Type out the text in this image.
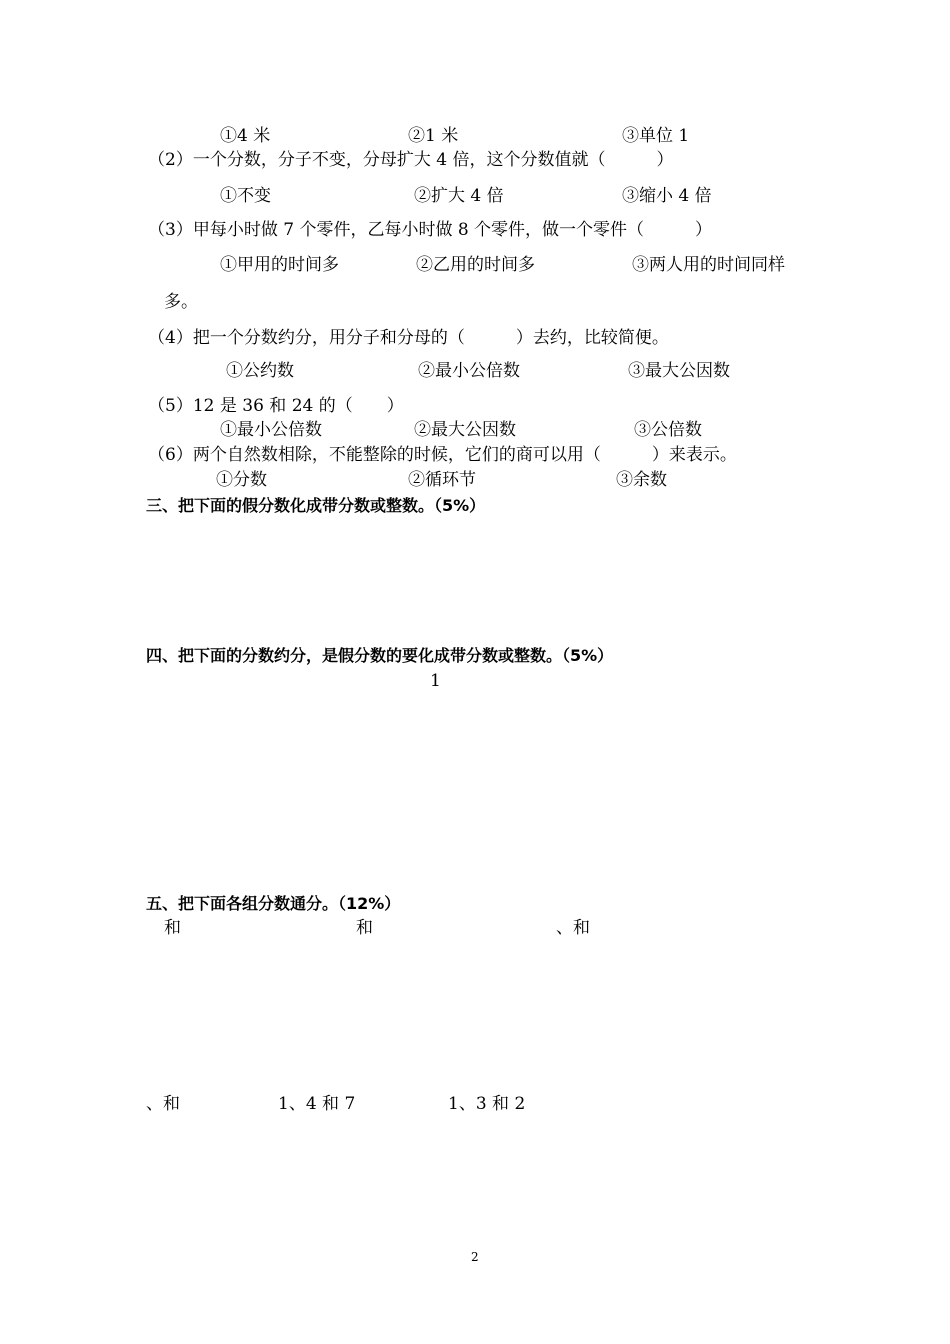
①4 米	②1 米	③单位 1
（2）一个分数，分子不变，分母扩大 4 倍，这个分数值就（　　　）
①不变	②扩大 4 倍	③缩小 4 倍
（3）甲每小时做 7 个零件，乙每小时做 8 个零件，做一个零件（　　　）
①甲用的时间多	②乙用的时间多	③两人用的时间同样
多。
（4）把一个分数约分，用分子和分母的（　　　）去约，比较简便。
①公约数	②最小公倍数	③最大公因数
（5）12 是 36 和 24 的（　　）
①最小公倍数	②最大公因数	③公倍数
（6）两个自然数相除，不能整除的时候，它们的商可以用（　　　）来表示。
①分数	②循环节	③余数
三、把下面的假分数化成带分数或整数。（5%）
四、把下面的分数约分，是假分数的要化成带分数或整数。（5%）
1
五、把下面各组分数通分。（12%）
和	和	、和
、和	1、4 和 7	1、3 和 2
2
